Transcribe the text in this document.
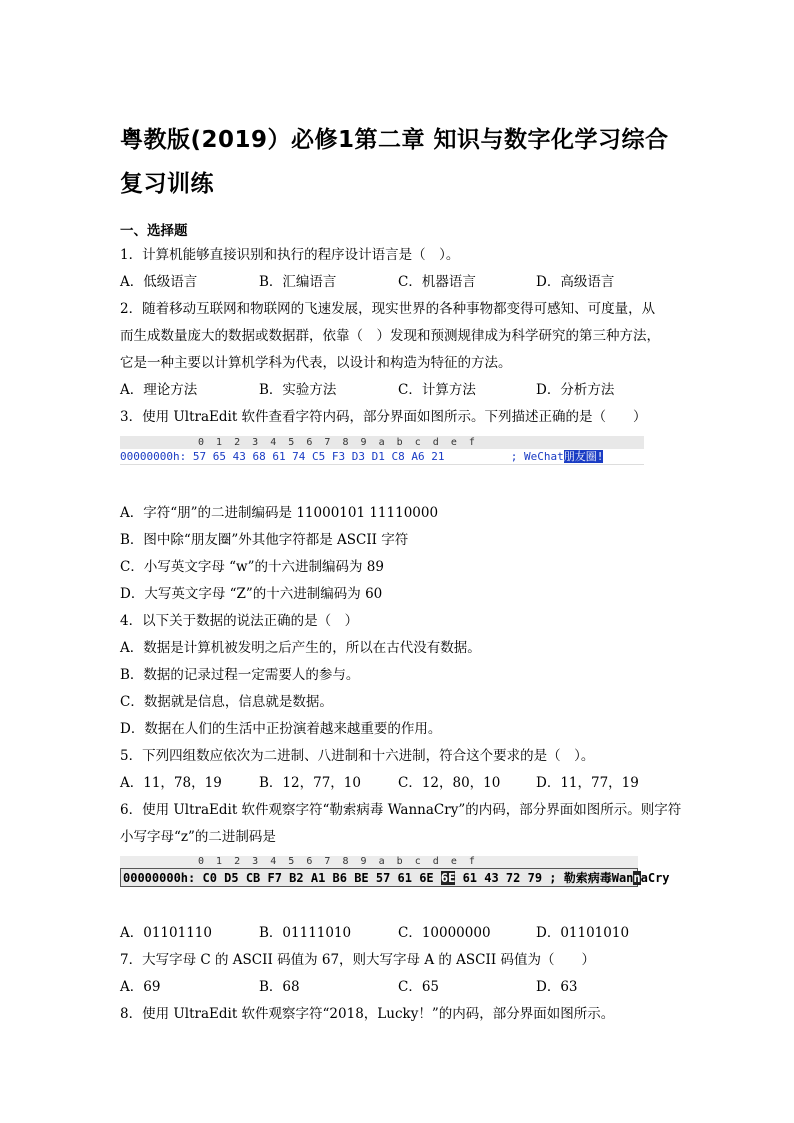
粤教版(2019）必修1第二章 知识与数字化学习综合
复习训练
一、选择题
1．计算机能够直接识别和执行的程序设计语言是（　）。
A．低级语言	B．汇编语言	C．机器语言	D．高级语言
2．随着移动互联网和物联网的飞速发展，现实世界的各种事物都变得可感知、可度量，从
而生成数量庞大的数据或数据群，依靠（　）发现和预测规律成为科学研究的第三种方法，
它是一种主要以计算机学科为代表，以设计和构造为特征的方法。
A．理论方法	B．实验方法	C．计算方法	D．分析方法
3．使用 UltraEdit 软件查看字符内码，部分界面如图所示。下列描述正确的是（　　）
0  1  2  3  4  5  6  7  8  9  a  b  c  d  e  f
00000000h: 57 65 43 68 61 74 C5 F3 D3 D1 C8 A6 21          ; WeChat朋友圈!
A．字符“朋”的二进制编码是 11000101 11110000
B．图中除“朋友圈”外其他字符都是 ASCII 字符
C．小写英文字母 “w”的十六进制编码为 89
D．大写英文字母 “Z”的十六进制编码为 60
4．以下关于数据的说法正确的是（　）
A．数据是计算机被发明之后产生的，所以在古代没有数据。
B．数据的记录过程一定需要人的参与。
C．数据就是信息，信息就是数据。
D．数据在人们的生活中正扮演着越来越重要的作用。
5．下列四组数应依次为二进制、八进制和十六进制，符合这个要求的是（　）。
A．11，78，19	B．12，77，10	C．12，80，10	D．11，77，19
6．使用 UltraEdit 软件观察字符“勒索病毒 WannaCry”的内码，部分界面如图所示。则字符
小写字母“z”的二进制码是
0  1  2  3  4  5  6  7  8  9  a  b  c  d  e  f
00000000h: C0 D5 CB F7 B2 A1 B6 BE 57 61 6E 6E 61 43 72 79 ; 勒索病毒WannaCry
A．01101110	B．01111010	C．10000000	D．01101010
7．大写字母 C 的 ASCII 码值为 67，则大写字母 A 的 ASCII 码值为（　　）
A．69	B．68	C．65	D．63
8．使用 UltraEdit 软件观察字符“2018，Lucky！”的内码，部分界面如图所示。
